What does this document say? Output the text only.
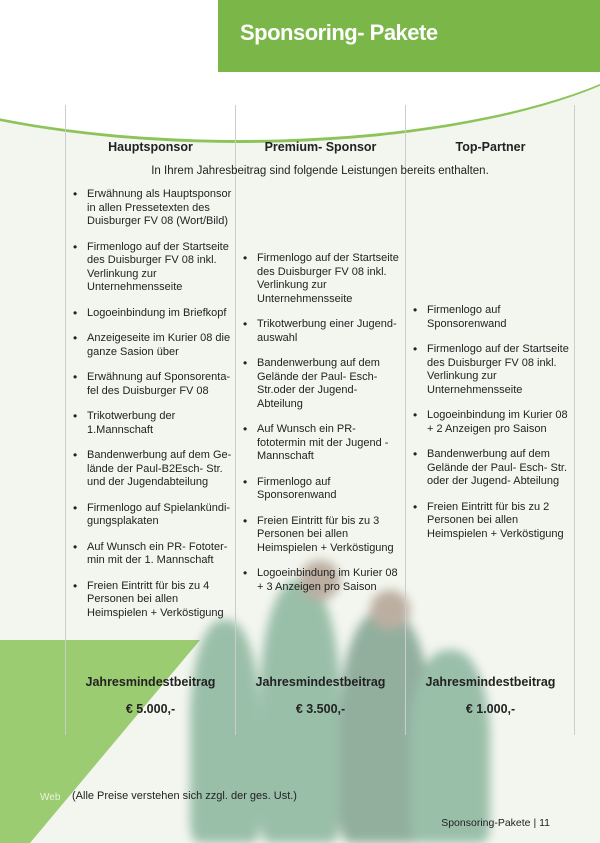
Sponsoring- Pakete
In Ihrem Jahresbeitrag sind folgende Leistungen bereits enthalten.
Hauptsponsor
• Erwähnung als Hauptsponsor in allen Pressetexten des Duisburger FV 08 (Wort/Bild)
• Firmenlogo auf der Startseite des Duisburger FV 08 inkl. Verlinkung zur Unternehmensseite
• Logoeinbindung im Briefkopf
• Anzeigeseite im Kurier 08 die ganze Sasion über
• Erwähnung auf Sponsorenta-fel des Duisburger FV 08
• Trikotwerbung der 1.Mannschaft
• Bandenwerbung auf dem Ge-lände der Paul-B2Esch- Str. und der Jugendabteilung
• Firmenlogo auf Spielankündi-gungsplakaten
• Auf Wunsch ein PR- Fototer-min mit der 1. Mannschaft
• Freien Eintritt für bis zu 4 Personen bei allen Heimspielen + Verköstigung
Jahresmindestbeitrag
€ 5.000,-
Premium- Sponsor
• Firmenlogo auf der Startseite des Duisburger FV 08 inkl. Verlinkung zur Unternehmensseite
• Trikotwerbung einer Jugend-auswahl
• Bandenwerbung auf dem Gelände der Paul- Esch-Str.oder der Jugend-Abteilung
• Auf Wunsch ein PR-fototermin mit der Jugend -Mannschaft
• Firmenlogo auf Sponsorenwand
• Freien Eintritt für bis zu 3 Personen bei allen Heimspielen + Verköstigung
• Logoeinbindung im Kurier 08 + 3 Anzeigen pro Saison
Jahresmindestbeitrag
€ 3.500,-
Top-Partner
• Firmenlogo auf Sponsorenwand
• Firmenlogo auf der Startseite des Duisburger FV 08 inkl. Verlinkung zur Unternehmensseite
• Logoeinbindung im Kurier 08 + 2 Anzeigen pro Saison
• Bandenwerbung auf dem Gelände der Paul- Esch- Str. oder der Jugend- Abteilung
• Freien Eintritt für bis zu 2 Personen bei allen Heimspielen + Verköstigung
Jahresmindestbeitrag
€ 1.000,-
Web (Alle Preise verstehen sich zzgl. der ges. Ust.)
Sponsoring-Pakete | 11
